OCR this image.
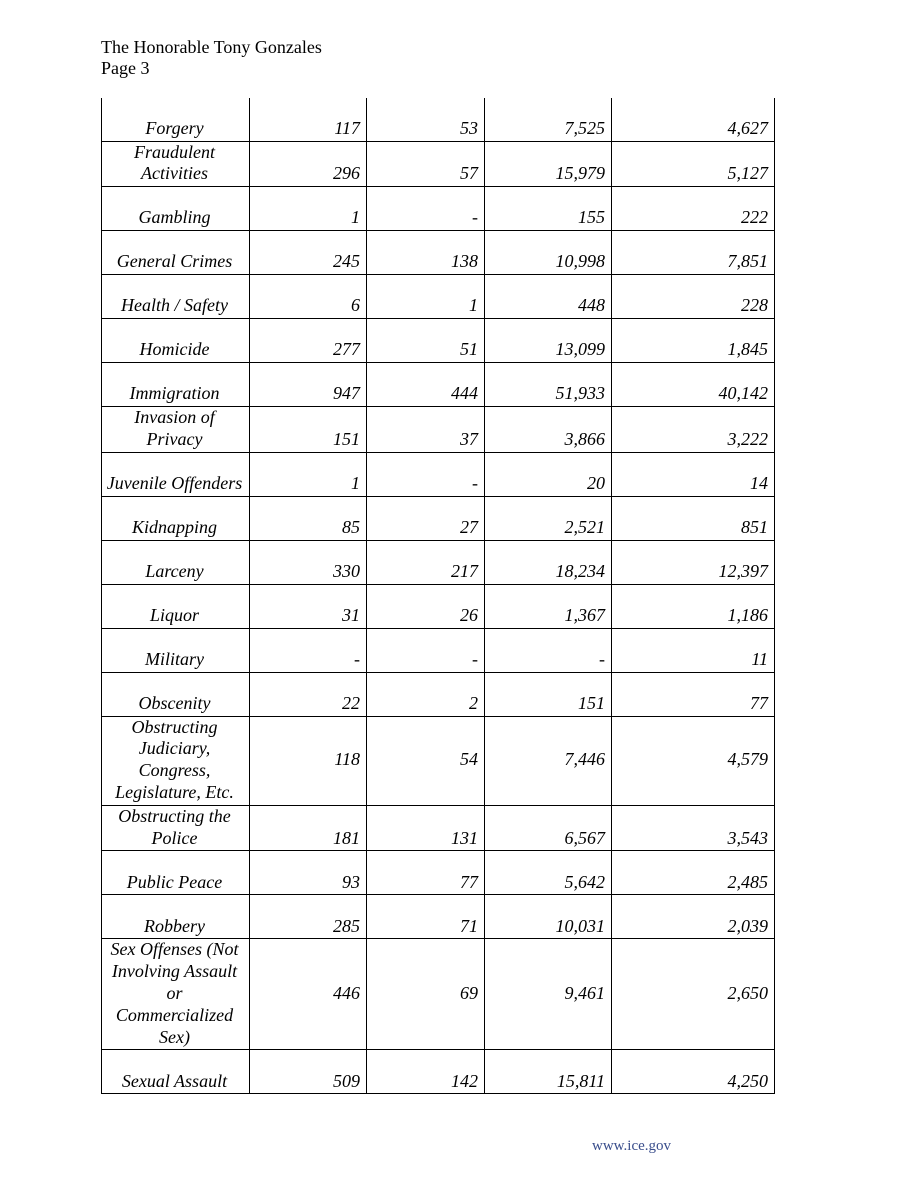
The Honorable Tony Gonzales
Page 3
Forgery	117	53	7,525	4,627
Fraudulent Activities	296	57	15,979	5,127
Gambling	1	-	155	222
General Crimes	245	138	10,998	7,851
Health / Safety	6	1	448	228
Homicide	277	51	13,099	1,845
Immigration	947	444	51,933	40,142
Invasion of Privacy	151	37	3,866	3,222
Juvenile Offenders	1	-	20	14
Kidnapping	85	27	2,521	851
Larceny	330	217	18,234	12,397
Liquor	31	26	1,367	1,186
Military	-	-	-	11
Obscenity	22	2	151	77
Obstructing Judiciary, Congress, Legislature, Etc.	118	54	7,446	4,579
Obstructing the Police	181	131	6,567	3,543
Public Peace	93	77	5,642	2,485
Robbery	285	71	10,031	2,039
Sex Offenses (Not Involving Assault or Commercialized Sex)	446	69	9,461	2,650
Sexual Assault	509	142	15,811	4,250
www.ice.gov
